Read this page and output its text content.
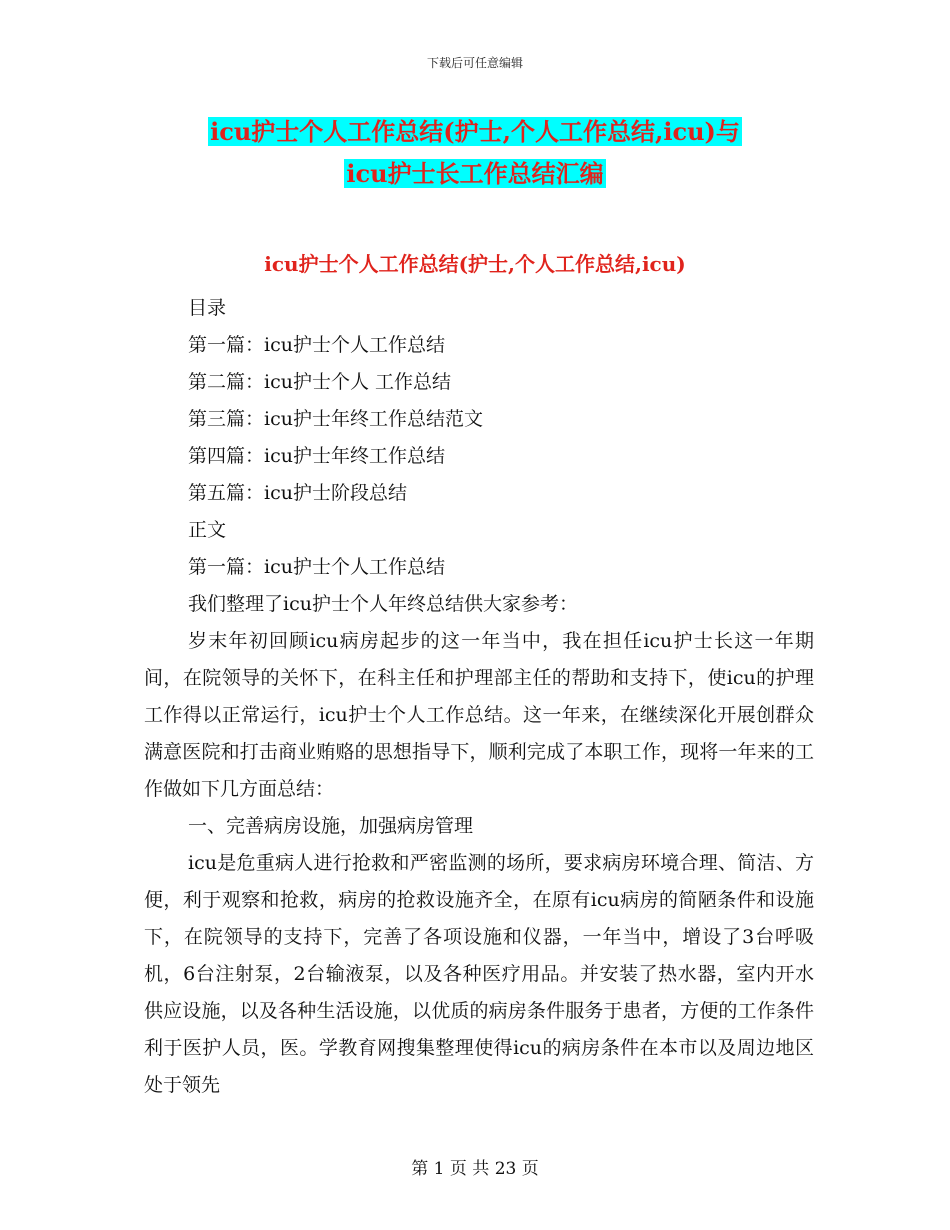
下载后可任意编辑
icu护士个人工作总结(护士,个人工作总结,icu)与
icu护士长工作总结汇编
icu护士个人工作总结(护士,个人工作总结,icu)

目录

第一篇：icu护士个人工作总结

第二篇：icu护士个人 工作总结

第三篇：icu护士年终工作总结范文

第四篇：icu护士年终工作总结

第五篇：icu护士阶段总结

正文

第一篇：icu护士个人工作总结

我们整理了icu护士个人年终总结供大家参考：

岁末年初回顾icu病房起步的这一年当中，我在担任icu护士长这一年期间，在院领导的关怀下，在科主任和护理部主任的帮助和支持下，使icu的护理工作得以正常运行，icu护士个人工作总结。这一年来，在继续深化开展创群众满意医院和打击商业贿赂的思想指导下，顺利完成了本职工作，现将一年来的工作做如下几方面总结：

一、完善病房设施，加强病房管理

icu是危重病人进行抢救和严密监测的场所，要求病房环境合理、简洁、方便，利于观察和抢救，病房的抢救设施齐全，在原有icu病房的简陋条件和设施下，在院领导的支持下，完善了各项设施和仪器，一年当中，增设了3台呼吸机，6台注射泵，2台输液泵，以及各种医疗用品。并安装了热水器，室内开水供应设施，以及各种生活设施，以优质的病房条件服务于患者，方便的工作条件利于医护人员，医。学教育网搜集整理使得icu的病房条件在本市以及周边地区处于领先

第 1 页 共 23 页
